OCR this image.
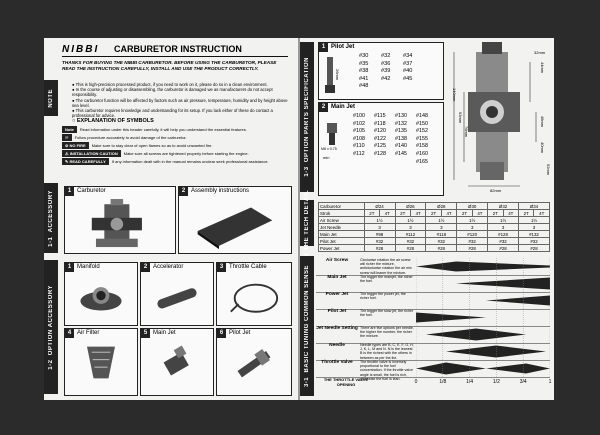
NIBBI CARBURETOR INSTRUCTION
THANKS FOR BUYING THE NIBBI CARBURETOR. BEFORE USING THE CARBURETOR, PLEASE READ THE INSTRUCTION CAREFULLY, INSTALL AND USE THE PRODUCT CORRECTLY.
NOTE
● This is high-precision processed product, if you need to work on it, please do so in a clean environment.
● In the course of adjusting or disassembling, the carburetor is damaged we as manufacturers do not accept responsibility.
● The carburetor function will be affected by factors such as air pressure, temperature, humidity and by height above sea level.
● This carburetor requires knowledge and understanding for its setup. If you lack either of these do contact a professional for advice.
○ EXPLANATION OF SYMBOLS
Note	Read information under this header carefully, it will help you understand the essential features.
☞	Follow procedure accurately to avoid damage of the carburetor.
⊘ NO FIRE	Make sure to stay clear of open flames so as to avoid unwanted fire.
⚠ INSTALLATION CAUTION	Make sure all screws are tightened properly before starting the engine.
✎ READ CAREFULLY	If any information dealt with in the manual remains unclear seek professional assistance.
1-1  ACCESSORY	1 Carburetor	2 Assembly instructions
1-2  OPTION ACCESSORY
1 Manifold	2 Accelerator	3 Throttle Cable
4 Air Filter	5 Main Jet	6 Pilot Jet
1-3  OPTION PARTS SPECIFICATION
1 Pilot Jet
26mm
#30 #32 #34
#35 #36 #37
#38 #39 #40
#41 #42 #45
#48
2 Main Jet
M6 x 0.75
min
#100 #115 #130 #148
#102 #118 #132 #150
#105 #120 #135 #152
#108 #122 #138 #155
#110 #125 #140 #158
#112 #128 #145 #160
#165
140mm
93mm
76mm
82mm
32mm
44mm
48mm
40mm
52mm
2 THE TECH DETAIL Carburetor	Ø24		Ø26		Ø28		Ø30		Ø32		Ø34	
Strok	2T	4T	2T	4T	2T	4T	2T	4T	2T	4T	2T	4T
Air Screw	1½		1½		1½		1½		1½		1½	
Jet Needle	3		3		3		3		3		3	
Main Jet	#98		#112		#118		#120		#128		#132	
Pilot Jet	#32		#32		#32		#32		#32		#32	
Power Jet	#28		#28		#28		#28		#28		#28	
3-1  BASIC TUNING COMMON SENSE
Air Screw	Clockwise rotation the air screw will richer the mixture, anticlockwise rotation the air mix screw will leaner the mixture.
Main Jet	The bigger the mainjet, the richer the fuel.
Power Jet	The bigger the power jet, the richer fuel.
Pilot Jet	The bigger the slow jet, the richer the fuel.
Jet Needle Setting There are five options per needle, the higher the number, the richer the mixture.
Needle	Needle types are B, C, E, F, G, H, J, K, L, M and N. N is the leanest B is the richest with the others in between as per the list.
Throttle Valve	The throttle valve is inversely proportional to the fuel concentration. If the throttle valve angle is small, the fuel is rich, otherwise the fuel is lean.
THE THROTTLE VALVE OPENING	0	1/8	1/4	1/2	3/4	1
